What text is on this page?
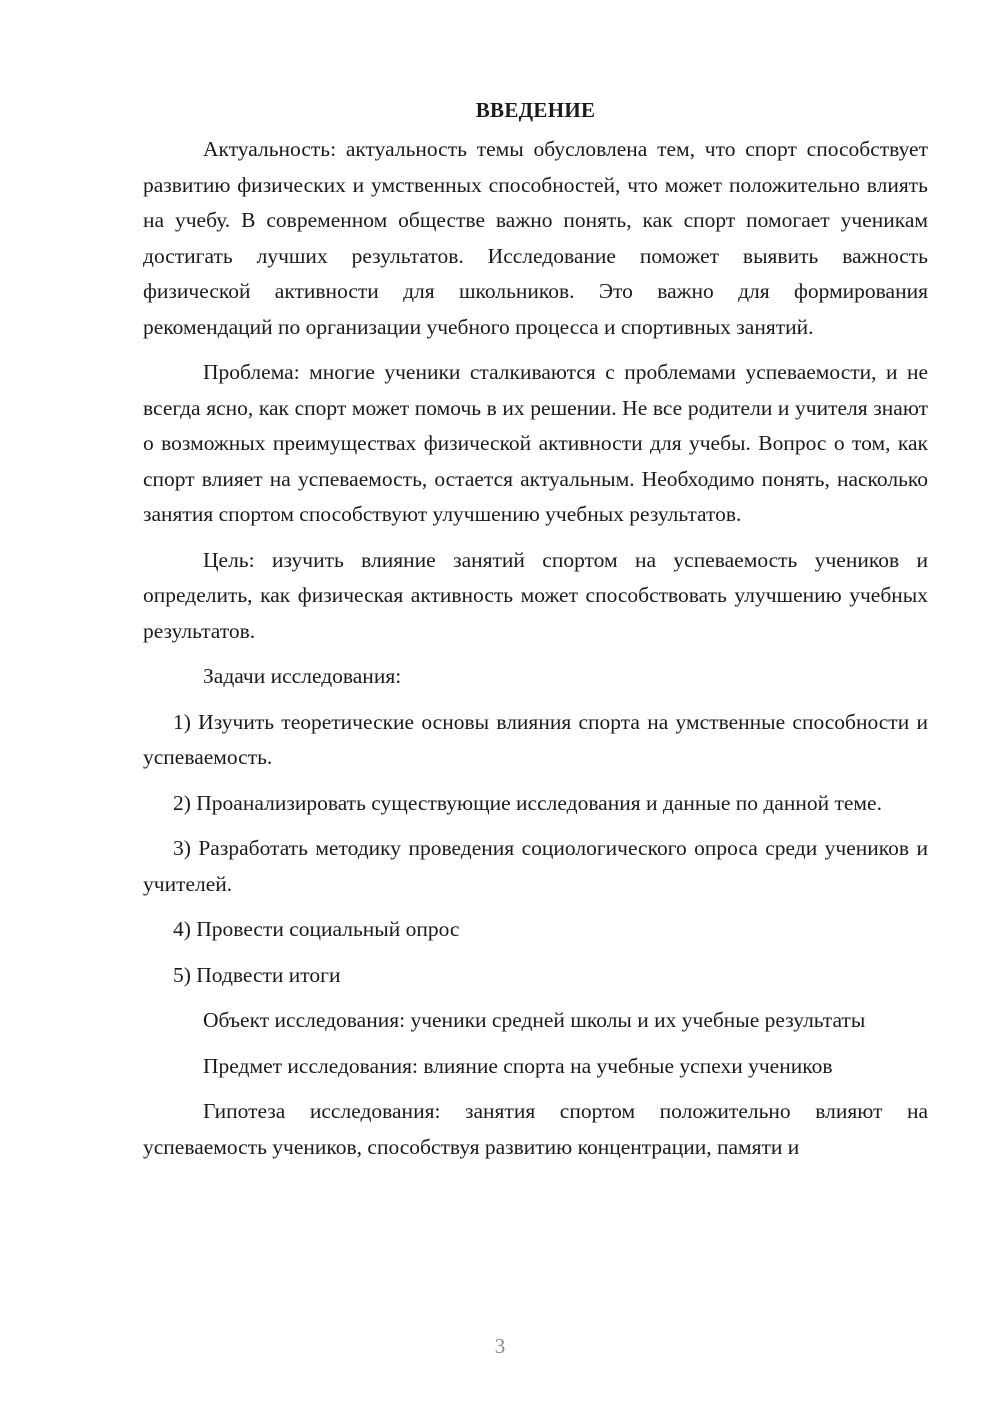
ВВЕДЕНИЕ

Актуальность: актуальность темы обусловлена тем, что спорт способствует развитию физических и умственных способностей, что может положительно влиять на учебу. В современном обществе важно понять, как спорт помогает ученикам достигать лучших результатов. Исследование поможет выявить важность физической активности для школьников. Это важно для формирования рекомендаций по организации учебного процесса и спортивных занятий.

Проблема: многие ученики сталкиваются с проблемами успеваемости, и не всегда ясно, как спорт может помочь в их решении. Не все родители и учителя знают о возможных преимуществах физической активности для учебы. Вопрос о том, как спорт влияет на успеваемость, остается актуальным. Необходимо понять, насколько занятия спортом способствуют улучшению учебных результатов.

Цель: изучить влияние занятий спортом на успеваемость учеников и определить, как физическая активность может способствовать улучшению учебных результатов.

Задачи исследования:

1) Изучить теоретические основы влияния спорта на умственные способности и успеваемость.

2) Проанализировать существующие исследования и данные по данной теме.

3) Разработать методику проведения социологического опроса среди учеников и учителей.

4) Провести социальный опрос

5) Подвести итоги

Объект исследования: ученики средней школы и их учебные результаты

Предмет исследования: влияние спорта на учебные успехи учеников

Гипотеза исследования: занятия спортом положительно влияют на успеваемость учеников, способствуя развитию концентрации, памяти и

3
